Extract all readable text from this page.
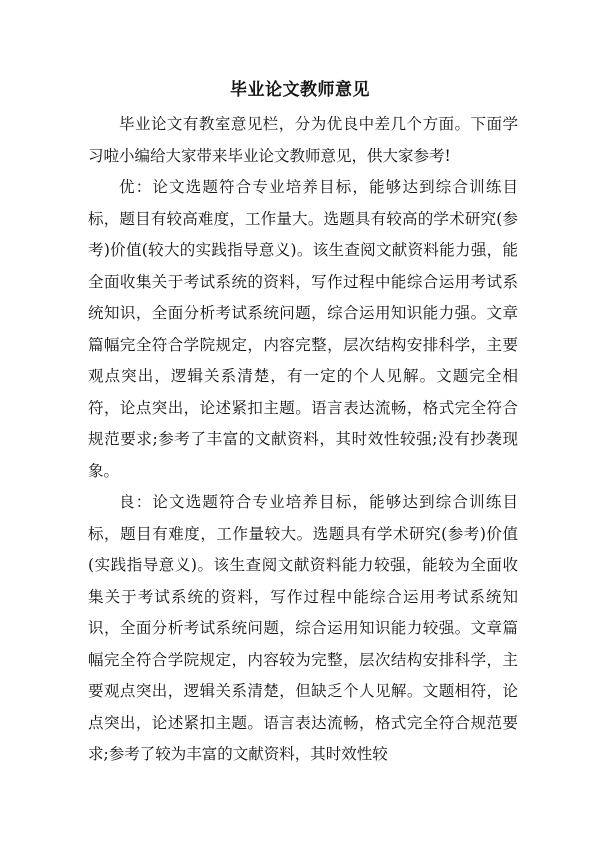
毕业论文教师意见

毕业论文有教室意见栏，分为优良中差几个方面。下面学习啦小编给大家带来毕业论文教师意见，供大家参考!

优：论文选题符合专业培养目标，能够达到综合训练目标，题目有较高难度，工作量大。选题具有较高的学术研究(参考)价值(较大的实践指导意义)。该生查阅文献资料能力强，能全面收集关于考试系统的资料，写作过程中能综合运用考试系统知识，全面分析考试系统问题，综合运用知识能力强。文章篇幅完全符合学院规定，内容完整，层次结构安排科学，主要观点突出，逻辑关系清楚，有一定的个人见解。文题完全相符，论点突出，论述紧扣主题。语言表达流畅，格式完全符合规范要求;参考了丰富的文献资料，其时效性较强;没有抄袭现象。

良：论文选题符合专业培养目标，能够达到综合训练目标，题目有难度，工作量较大。选题具有学术研究(参考)价值(实践指导意义)。该生查阅文献资料能力较强，能较为全面收集关于考试系统的资料，写作过程中能综合运用考试系统知识，全面分析考试系统问题，综合运用知识能力较强。文章篇幅完全符合学院规定，内容较为完整，层次结构安排科学，主要观点突出，逻辑关系清楚，但缺乏个人见解。文题相符，论点突出，论述紧扣主题。语言表达流畅，格式完全符合规范要求;参考了较为丰富的文献资料，其时效性较
